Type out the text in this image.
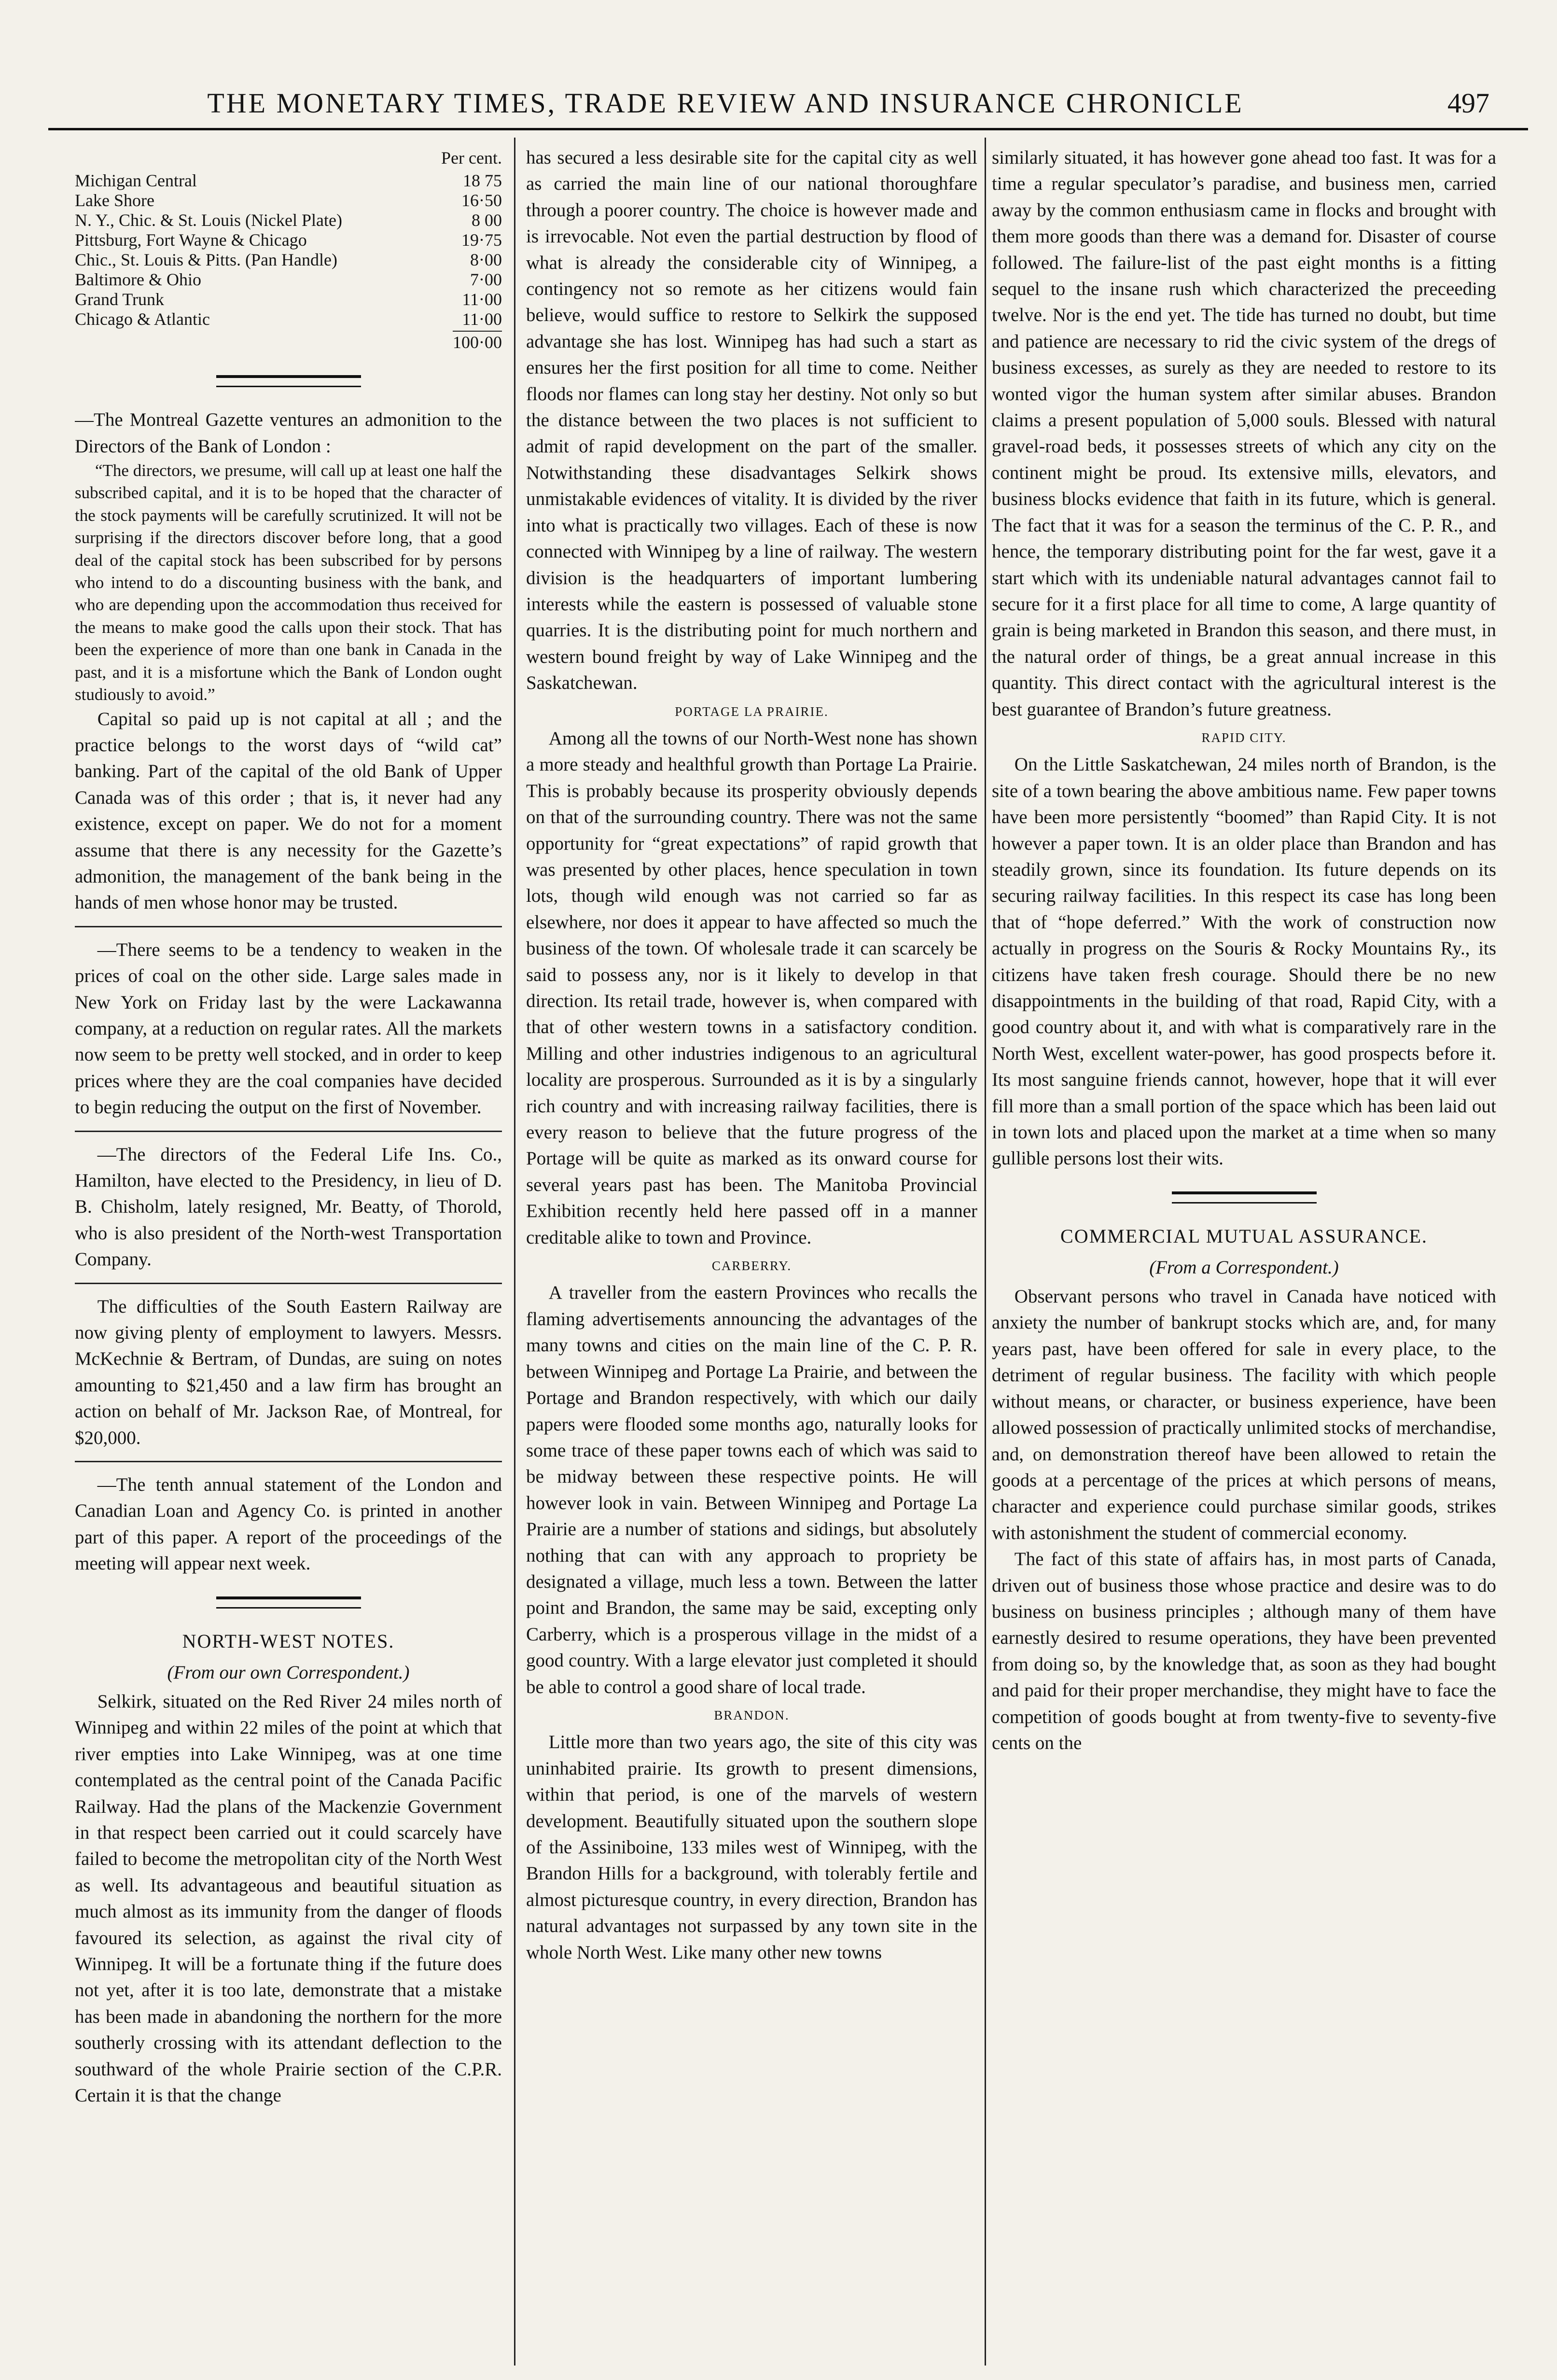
THE MONETARY TIMES, TRADE REVIEW AND INSURANCE CHRONICLE	497
Per cent.
Michigan Central	18 75
Lake Shore	16·50
N. Y., Chic. & St. Louis (Nickel Plate)	8 00
Pittsburg, Fort Wayne & Chicago	19·75
Chic., St. Louis & Pitts. (Pan Handle)	8·00
Baltimore & Ohio	7·00
Grand Trunk	11·00
Chicago & Atlantic	11·00
100·00

—The Montreal Gazette ventures an admonition to the Directors of the Bank of London :

“The directors, we presume, will call up at least one half the subscribed capital, and it is to be hoped that the character of the stock payments will be carefully scrutinized. It will not be surprising if the directors discover before long, that a good deal of the capital stock has been subscribed for by persons who intend to do a discounting business with the bank, and who are depending upon the accommodation thus received for the means to make good the calls upon their stock. That has been the experience of more than one bank in Canada in the past, and it is a misfortune which the Bank of London ought studiously to avoid.”

Capital so paid up is not capital at all ; and the practice belongs to the worst days of “wild cat” banking. Part of the capital of the old Bank of Upper Canada was of this order ; that is, it never had any existence, except on paper. We do not for a moment assume that there is any necessity for the Gazette’s admonition, the management of the bank being in the hands of men whose honor may be trusted.

—There seems to be a tendency to weaken in the prices of coal on the other side. Large sales made in New York on Friday last by the were Lackawanna company, at a reduction on regular rates. All the markets now seem to be pretty well stocked, and in order to keep prices where they are the coal companies have decided to begin reducing the output on the first of November.

—The directors of the Federal Life Ins. Co., Hamilton, have elected to the Presidency, in lieu of D. B. Chisholm, lately resigned, Mr. Beatty, of Thorold, who is also president of the North-west Transportation Company.

The difficulties of the South Eastern Railway are now giving plenty of employment to lawyers. Messrs. McKechnie & Bertram, of Dundas, are suing on notes amounting to $21,450 and a law firm has brought an action on behalf of Mr. Jackson Rae, of Montreal, for $20,000.

—The tenth annual statement of the London and Canadian Loan and Agency Co. is printed in another part of this paper. A report of the proceedings of the meeting will appear next week.

NORTH-WEST NOTES.

(From our own Correspondent.)

Selkirk, situated on the Red River 24 miles north of Winnipeg and within 22 miles of the point at which that river empties into Lake Winnipeg, was at one time contemplated as the central point of the Canada Pacific Railway. Had the plans of the Mackenzie Government in that respect been carried out it could scarcely have failed to become the metropolitan city of the North West as well. Its advantageous and beautiful situation as much almost as its immunity from the danger of floods favoured its selection, as against the rival city of Winnipeg. It will be a fortunate thing if the future does not yet, after it is too late, demonstrate that a mistake has been made in abandoning the northern for the more southerly crossing with its attendant deflection to the southward of the whole Prairie section of the C.P.R. Certain it is that the change

has secured a less desirable site for the capital city as well as carried the main line of our national thoroughfare through a poorer country. The choice is however made and is irrevocable. Not even the partial destruction by flood of what is already the considerable city of Winnipeg, a contingency not so remote as her citizens would fain believe, would suffice to restore to Selkirk the supposed advantage she has lost. Winnipeg has had such a start as ensures her the first position for all time to come. Neither floods nor flames can long stay her destiny. Not only so but the distance between the two places is not sufficient to admit of rapid development on the part of the smaller. Notwithstanding these disadvantages Selkirk shows unmistakable evidences of vitality. It is divided by the river into what is practically two villages. Each of these is now connected with Winnipeg by a line of railway. The western division is the headquarters of important lumbering interests while the eastern is possessed of valuable stone quarries. It is the distributing point for much northern and western bound freight by way of Lake Winnipeg and the Saskatchewan.

PORTAGE LA PRAIRIE.

Among all the towns of our North-West none has shown a more steady and healthful growth than Portage La Prairie. This is probably because its prosperity obviously depends on that of the surrounding country. There was not the same opportunity for “great expectations” of rapid growth that was presented by other places, hence speculation in town lots, though wild enough was not carried so far as elsewhere, nor does it appear to have affected so much the business of the town. Of wholesale trade it can scarcely be said to possess any, nor is it likely to develop in that direction. Its retail trade, however is, when compared with that of other western towns in a satisfactory condition. Milling and other industries indigenous to an agricultural locality are prosperous. Surrounded as it is by a singularly rich country and with increasing railway facilities, there is every reason to believe that the future progress of the Portage will be quite as marked as its onward course for several years past has been. The Manitoba Provincial Exhibition recently held here passed off in a manner creditable alike to town and Province.

CARBERRY.

A traveller from the eastern Provinces who recalls the flaming advertisements announcing the advantages of the many towns and cities on the main line of the C. P. R. between Winnipeg and Portage La Prairie, and between the Portage and Brandon respectively, with which our daily papers were flooded some months ago, naturally looks for some trace of these paper towns each of which was said to be midway between these respective points. He will however look in vain. Between Winnipeg and Portage La Prairie are a number of stations and sidings, but absolutely nothing that can with any approach to propriety be designated a village, much less a town. Between the latter point and Brandon, the same may be said, excepting only Carberry, which is a prosperous village in the midst of a good country. With a large elevator just completed it should be able to control a good share of local trade.

BRANDON.

Little more than two years ago, the site of this city was uninhabited prairie. Its growth to present dimensions, within that period, is one of the marvels of western development. Beautifully situated upon the southern slope of the Assiniboine, 133 miles west of Winnipeg, with the Brandon Hills for a background, with tolerably fertile and almost picturesque country, in every direction, Brandon has natural advantages not surpassed by any town site in the whole North West. Like many other new towns

similarly situated, it has however gone ahead too fast. It was for a time a regular speculator’s paradise, and business men, carried away by the common enthusiasm came in flocks and brought with them more goods than there was a demand for. Disaster of course followed. The failure-list of the past eight months is a fitting sequel to the insane rush which characterized the preceeding twelve. Nor is the end yet. The tide has turned no doubt, but time and patience are necessary to rid the civic system of the dregs of business excesses, as surely as they are needed to restore to its wonted vigor the human system after similar abuses. Brandon claims a present population of 5,000 souls. Blessed with natural gravel-road beds, it possesses streets of which any city on the continent might be proud. Its extensive mills, elevators, and business blocks evidence that faith in its future, which is general. The fact that it was for a season the terminus of the C. P. R., and hence, the temporary distributing point for the far west, gave it a start which with its undeniable natural advantages cannot fail to secure for it a first place for all time to come, A large quantity of grain is being marketed in Brandon this season, and there must, in the natural order of things, be a great annual increase in this quantity. This direct contact with the agricultural interest is the best guarantee of Brandon’s future greatness.

RAPID CITY.

On the Little Saskatchewan, 24 miles north of Brandon, is the site of a town bearing the above ambitious name. Few paper towns have been more persistently “boomed” than Rapid City. It is not however a paper town. It is an older place than Brandon and has steadily grown, since its foundation. Its future depends on its securing railway facilities. In this respect its case has long been that of “hope deferred.” With the work of construction now actually in progress on the Souris & Rocky Mountains Ry., its citizens have taken fresh courage. Should there be no new disappointments in the building of that road, Rapid City, with a good country about it, and with what is comparatively rare in the North West, excellent water-power, has good prospects before it. Its most sanguine friends cannot, however, hope that it will ever fill more than a small portion of the space which has been laid out in town lots and placed upon the market at a time when so many gullible persons lost their wits.

COMMERCIAL MUTUAL ASSURANCE.

(From a Correspondent.)

Observant persons who travel in Canada have noticed with anxiety the number of bankrupt stocks which are, and, for many years past, have been offered for sale in every place, to the detriment of regular business. The facility with which people without means, or character, or business experience, have been allowed possession of practically unlimited stocks of merchandise, and, on demonstration thereof have been allowed to retain the goods at a percentage of the prices at which persons of means, character and experience could purchase similar goods, strikes with astonishment the student of commercial economy.

The fact of this state of affairs has, in most parts of Canada, driven out of business those whose practice and desire was to do business on business principles ; although many of them have earnestly desired to resume operations, they have been prevented from doing so, by the knowledge that, as soon as they had bought and paid for their proper merchandise, they might have to face the competition of goods bought at from twenty-five to seventy-five cents on the
